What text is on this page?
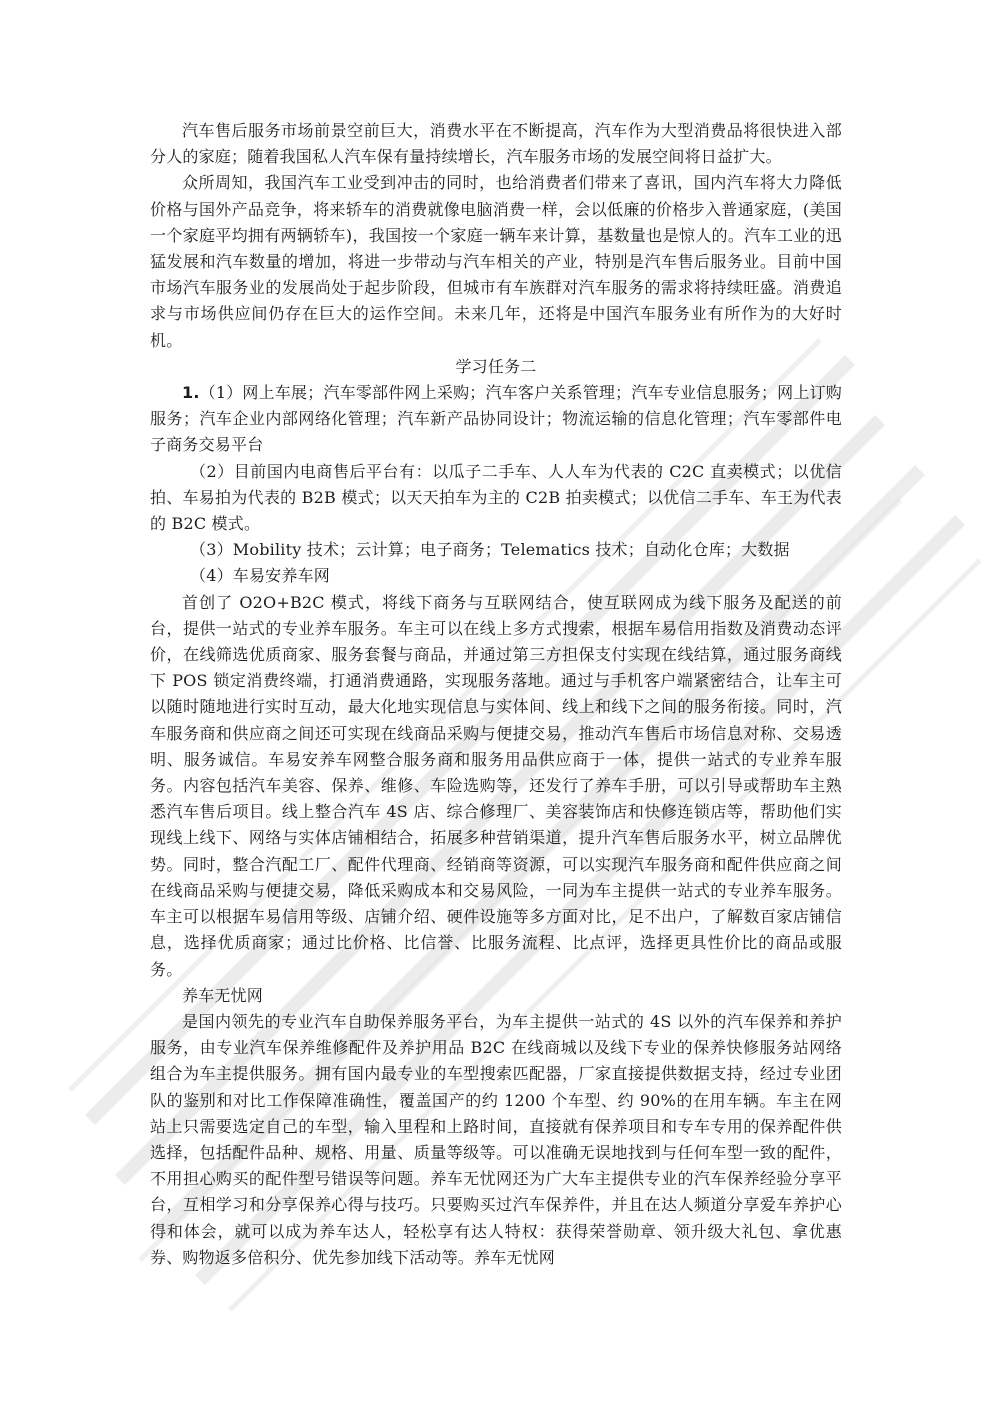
汽车售后服务市场前景空前巨大，消费水平在不断提高，汽车作为大型消费品将很快进入部分人的家庭；随着我国私人汽车保有量持续增长，汽车服务市场的发展空间将日益扩大。

众所周知，我国汽车工业受到冲击的同时，也给消费者们带来了喜讯，国内汽车将大力降低价格与国外产品竞争，将来轿车的消费就像电脑消费一样，会以低廉的价格步入普通家庭，(美国一个家庭平均拥有两辆轿车)，我国按一个家庭一辆车来计算，基数量也是惊人的。汽车工业的迅猛发展和汽车数量的增加，将进一步带动与汽车相关的产业，特别是汽车售后服务业。目前中国市场汽车服务业的发展尚处于起步阶段，但城市有车族群对汽车服务的需求将持续旺盛。消费追求与市场供应间仍存在巨大的运作空间。未来几年，还将是中国汽车服务业有所作为的大好时机。

学习任务二

1.（1）网上车展；汽车零部件网上采购；汽车客户关系管理；汽车专业信息服务；网上订购服务；汽车企业内部网络化管理；汽车新产品协同设计；物流运输的信息化管理；汽车零部件电子商务交易平台

（2）目前国内电商售后平台有：以瓜子二手车、人人车为代表的 C2C 直卖模式；以优信拍、车易拍为代表的 B2B 模式；以天天拍车为主的 C2B 拍卖模式；以优信二手车、车王为代表的 B2C 模式。

（3）Mobility 技术；云计算；电子商务；Telematics 技术；自动化仓库；大数据

（4）车易安养车网

首创了 O2O+B2C 模式，将线下商务与互联网结合，使互联网成为线下服务及配送的前台，提供一站式的专业养车服务。车主可以在线上多方式搜索，根据车易信用指数及消费动态评价，在线筛选优质商家、服务套餐与商品，并通过第三方担保支付实现在线结算，通过服务商线下 POS 锁定消费终端，打通消费通路，实现服务落地。通过与手机客户端紧密结合，让车主可以随时随地进行实时互动，最大化地实现信息与实体间、线上和线下之间的服务衔接。同时，汽车服务商和供应商之间还可实现在线商品采购与便捷交易，推动汽车售后市场信息对称、交易透明、服务诚信。车易安养车网整合服务商和服务用品供应商于一体，提供一站式的专业养车服务。内容包括汽车美容、保养、维修、车险选购等，还发行了养车手册，可以引导或帮助车主熟悉汽车售后项目。线上整合汽车 4S 店、综合修理厂、美容装饰店和快修连锁店等，帮助他们实现线上线下、网络与实体店铺相结合，拓展多种营销渠道，提升汽车售后服务水平，树立品牌优势。同时，整合汽配工厂、配件代理商、经销商等资源，可以实现汽车服务商和配件供应商之间在线商品采购与便捷交易，降低采购成本和交易风险，一同为车主提供一站式的专业养车服务。车主可以根据车易信用等级、店铺介绍、硬件设施等多方面对比，足不出户，了解数百家店铺信息，选择优质商家；通过比价格、比信誉、比服务流程、比点评，选择更具性价比的商品或服务。

养车无忧网

是国内领先的专业汽车自助保养服务平台，为车主提供一站式的 4S 以外的汽车保养和养护服务，由专业汽车保养维修配件及养护用品 B2C 在线商城以及线下专业的保养快修服务站网络组合为车主提供服务。拥有国内最专业的车型搜索匹配器，厂家直接提供数据支持，经过专业团队的鉴别和对比工作保障准确性，覆盖国产的约 1200 个车型、约 90%的在用车辆。车主在网站上只需要选定自己的车型，输入里程和上路时间，直接就有保养项目和专车专用的保养配件供选择，包括配件品种、规格、用量、质量等级等。可以准确无误地找到与任何车型一致的配件，不用担心购买的配件型号错误等问题。养车无忧网还为广大车主提供专业的汽车保养经验分享平台，互相学习和分享保养心得与技巧。只要购买过汽车保养件，并且在达人频道分享爱车养护心得和体会，就可以成为养车达人，轻松享有达人特权：获得荣誉勋章、领升级大礼包、拿优惠券、购物返多倍积分、优先参加线下活动等。养车无忧网
